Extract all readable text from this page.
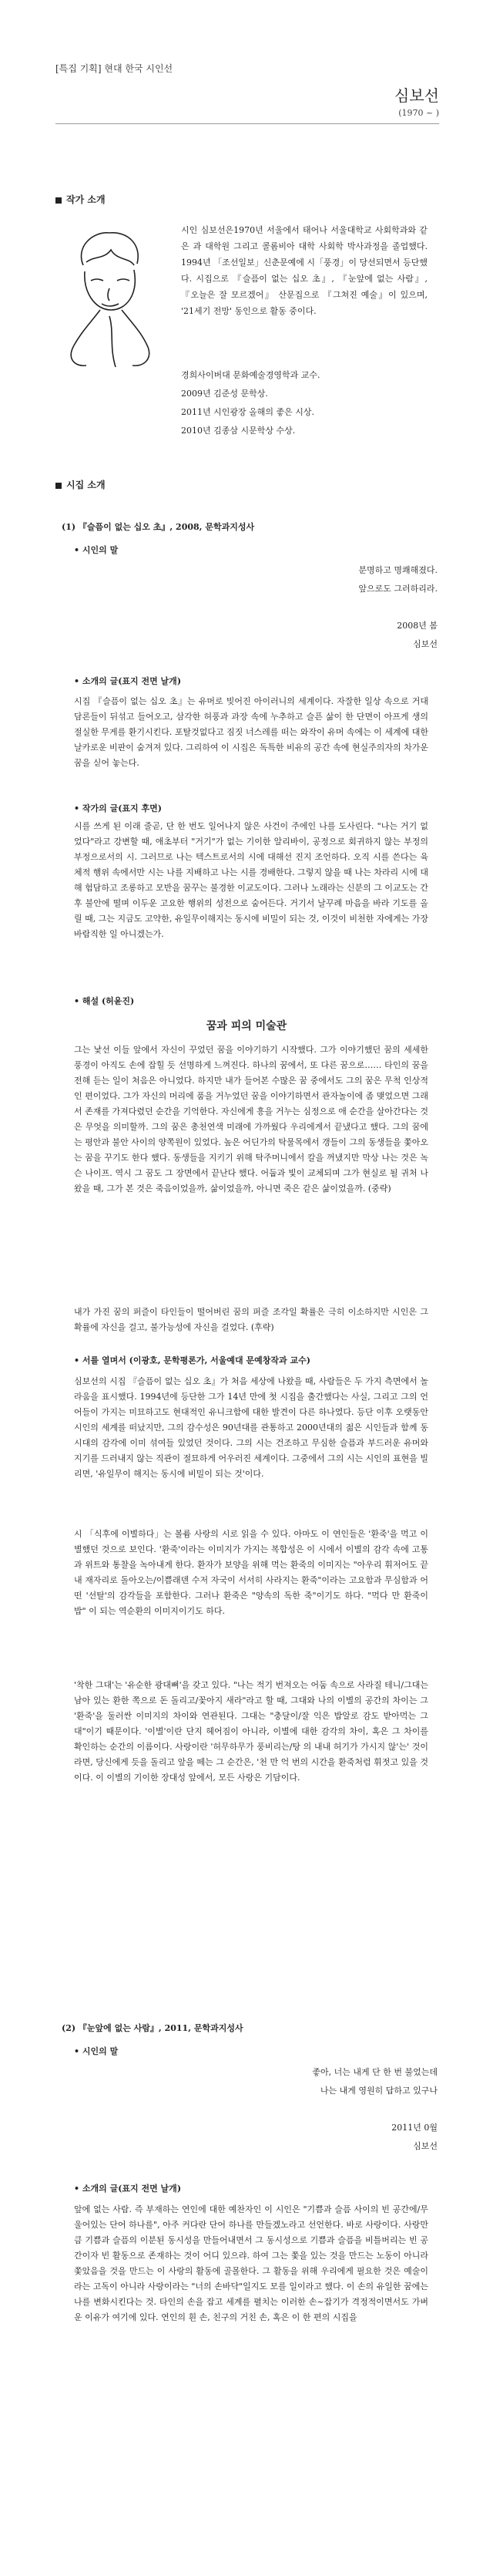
[특집 기획] 현대 한국 시인선
심보선
(1970 ~ )
작가 소개
시인 심보선은1970년 서울에서 태어나 서울대학교 사회학과와 같은 과 대학원 그리고 콜롬비아 대학 사회학 박사과정을 졸업했다. 1994년 「조선일보」신춘문예에 시「풍경」이 당선되면서 등단했다. 시집으로 『슬픔이 없는 십오 초』, 『눈앞에 없는 사람』, 『오늘은 잘 모르겠어』 산문집으로 『그쳐진 예술』이 있으며, '21세기 전망' 동인으로 활동 중이다.
경희사이버대 문화예술경영학과 교수.
2009년 김준성 문학상.
2011년 시인광장 올해의 좋은 시상.
2010년 김종삼 시문학상 수상.
시집 소개
(1) 『슬픔이 없는 십오 초』, 2008, 문학과지성사
• 시인의 말
분명하고 명쾌해졌다.
앞으로도 그러하리라.
2008년 봄
심보선
• 소개의 글(표지 전면 날개)
시집 『슬픔이 없는 십오 초』는 유머로 빚어진 아이러니의 세계이다. 자잘한 일상 속으로 거대 담론들이 뒤섞고 들어오고, 삼각한 허풍과 과장 속에 누추하고 슬픈 삶이 한 단면이 아프게 생의 절실한 무게를 환기시킨다. 포탈것없다고 짐짓 너스레를 떠는 와작이 유머 속에는 이 세계에 대한 날카로운 비판이 숨겨져 있다. 그리하여 이 시집은 독특한 비유의 공간 속에 현실주의자의 차가운 꿈을 싣어 놓는다.
• 작가의 글(표지 후면)
시를 쓰게 된 이래 줄곧, 단 한 번도 일어나지 않은 사건이 주에인 나를 도사린다. "나는 거기 없었다"라고 강변할 때, 애초부터 "거기"가 없는 기이한 알리바이, 공정으로 회귀하지 않는 부정의 부정으로서의 시. 그러므로 나는 텍스트로서의 시에 대해선 진지 조언하다. 오직 시를 쓴다는 육체적 행위 속에서만 시는 나를 지배하고 나는 시를 경배한다. 그렇지 않을 때 나는 차라리 시에 대해 험담하고 조롱하고 모반을 꿈꾸는 불경한 이교도이다. 그러나 노래라는 신분의 그 이교도는 간후 불안에 떨며 이두운 고요한 행위의 성전으로 숨어든다. 거기서 날꾸례 마음을 바라 기도를 올릴 때, 그는 지금도 고약한, 유일무이해지는 동시에 비밀이 되는 것, 이것이 비천한 자에게는 가장 바람직한 일 아니겠는가.
• 해설 (허윤진)
꿈과 피의 미술관
그는 낯선 이들 앞에서 자신이 꾸었던 꿈을 이야기하기 시작했다. 그가 이야기했던 꿈의 세세한 풍경이 아직도 손에 잡힐 듯 선명하게 느껴진다. 하나의 꿈에서, 또 다른 꿈으로…… 타인의 꿈을 전해 듣는 일이 처음은 아니었다. 하지만 내가 들어본 수많은 꿈 중에서도 그의 꿈은 무척 인상적인 편이었다. 그가 자신의 머리에 품을 거누었던 꿈을 이야기하면서 관자놀이에 좀 맺었으면 그래서 존재를 가져다렸던 순간을 기억한다. 자신에게 흥을 거누는 심정으로 애 순간을 살아간다는 것은 무엇을 의미할까. 그의 꿈은 총천연색 미래에 가까웠다 우리에게서 끝냈다고 했다. 그의 꿈에는 평안과 불안 사이의 양쪽원이 있었다. 높은 어딘가의 탁물목에서 갱들이 그의 동생들을 쫓아오는 꿈을 꾸기도 한다 했다. 동생들을 지키기 위해 탁주머니에서 칼을 꺼냈지만 막상 나는 것은 녹슨 나이프. 역시 그 꿈도 그 장면에서 끝난다 했다. 어둡과 빛이 교체되며 그가 현실로 될 귀처 나왔을 때, 그가 본 것은 죽음이었을까, 삶이었을까, 아니면 죽은 같은 삶이었을까. (중략)
내가 가진 꿈의 퍼즐이 타인들이 떨어버린 꿈의 퍼즐 조각일 확률은 극히 이소하지만 시인은 그 확률에 자신을 걸고, 불가능성에 자신을 걸었다. (후략)
• 서를 열며서 (이광호, 문학평론가, 서울예대 문예창작과 교수)
심보선의 시집 『슬픔이 없는 십오 초』가 처음 세상에 나왔을 때, 사람들은 두 가지 측면에서 놀라움을 표시했다. 1994년에 등단한 그가 14년 만에 첫 시집을 출간했다는 사실, 그리고 그의 언어들이 가지는 미묘하고도 현대적인 유니크함에 대한 발견이 다른 하나였다. 등단 이후 오랫동안 시인의 세계를 떠났지만, 그의 감수성은 90년대를 관통하고 2000년대의 젊은 시인들과 함께 동시대의 감각에 이미 섞여들 있었던 것이다. 그의 시는 건조하고 무심한 슬픔과 부드러운 유머와 지기를 드러내지 않는 직관이 절묘하게 어우러진 세계이다. 그중에서 그의 시는 시인의 표현을 빌리면, '유일무이 해지는 동시에 비밀이 되는 것'이다.
시 「식후에 이별하다」는 볼륨 사랑의 시로 읽을 수 있다. 아마도 이 연인들은 '환죽'을 먹고 이별했던 것으로 보인다. '환죽'이라는 이미지가 가지는 복합성은 이 시에서 이별의 감각 속에 고통과 위트와 통찰을 녹아내게 한다. 환자가 보양을 위해 먹는 환죽의 이미지는 "아우리 휘저어도 끝내 재자리로 돌아오는/이쁨래덴 수저 자국이 서서히 사라지는 환죽"이라는 고요함과 무심함과 어떤 '선탈'의 감각들을 포함한다. 그러나 환죽은 "양속의 독한 죽"이기도 하다. "먹다 만 환죽이 밥" 이 되는 역순환의 이미지이기도 하다.
'착한 그대'는 '유순한 광대뼈'을 갖고 있다. "나는 적기 번져오는 어둠 속으로 사라질 테니/그대는 남아 있는 환한 쪽으로 돈 돌리고/꽃아지 새라"라고 할 때, 그대와 나의 이별의 공간의 차이는 그 '환죽'을 둘러싼 이미지의 차이와 연관된다. 그대는 "충달이/잘 익은 밥알로 감도 받아먹는 그대"이기 때문이다. '이별'이란 단지 헤어짐이 아니라, 이별에 대한 감각의 차이, 혹은 그 차이를 확인하는 순간의 이름이다. 사랑이란 '허무하무가 풍비리는/탕 의 내내 허기가 가시지 않'는' 것이라면, 당신에게 듯을 돌리고 앞을 떼는 그 순간은, '천 만 억 번의 시간을 환죽처럼 휘젓고 있을 것이다. 이 이별의 기이한 장대성 앞에서, 모든 사랑은 기담이다.
(2) 『눈앞에 없는 사람』, 2011, 문학과지성사
• 시인의 말
좋아, 너는 내게 단 한 번 불었는데
나는 내게 영원히 답하고 있구나
2011년 0월
심보선
• 소개의 글(표지 전면 날개)
앞에 없는 사람. 즉 부재하는 연인에 대한 예찬자인 이 시인은 "기쁨과 슬픔 사이의 빈 공간에/무 울어있는 단어 하나를", 아주 커다란 단어 하나를 만들겠노라고 선언한다. 바로 사랑이다. 사랑만큼 기쁨과 슬픔의 이분된 동시성을 만들어내면서 그 동시성으로 기쁨과 슬픔을 비틀버리는 빈 공간이자 빈 활동으로 존재하는 것이 어디 있으랴. 하여 그는 쫓을 있는 것을 만드는 노동이 아니라 쫓았음을 것을 만드는 이 사랑의 활동에 골몰한다. 그 활동을 위해 우리에게 필요한 것은 예술이라는 고독이 아니라 사랑이라는 "너의 손바닥"일지도 모를 일이라고 했다. 이 손의 유일한 꿈에는 나를 변화시킨다는 것. 타인의 손을 잡고 세계를 펼치는 이러한 손~잡기가 격정적이면서도 가벼운 이유가 여기에 있다. 연인의 흰 손, 친구의 거친 손, 혹은 이 한 편의 시집을
